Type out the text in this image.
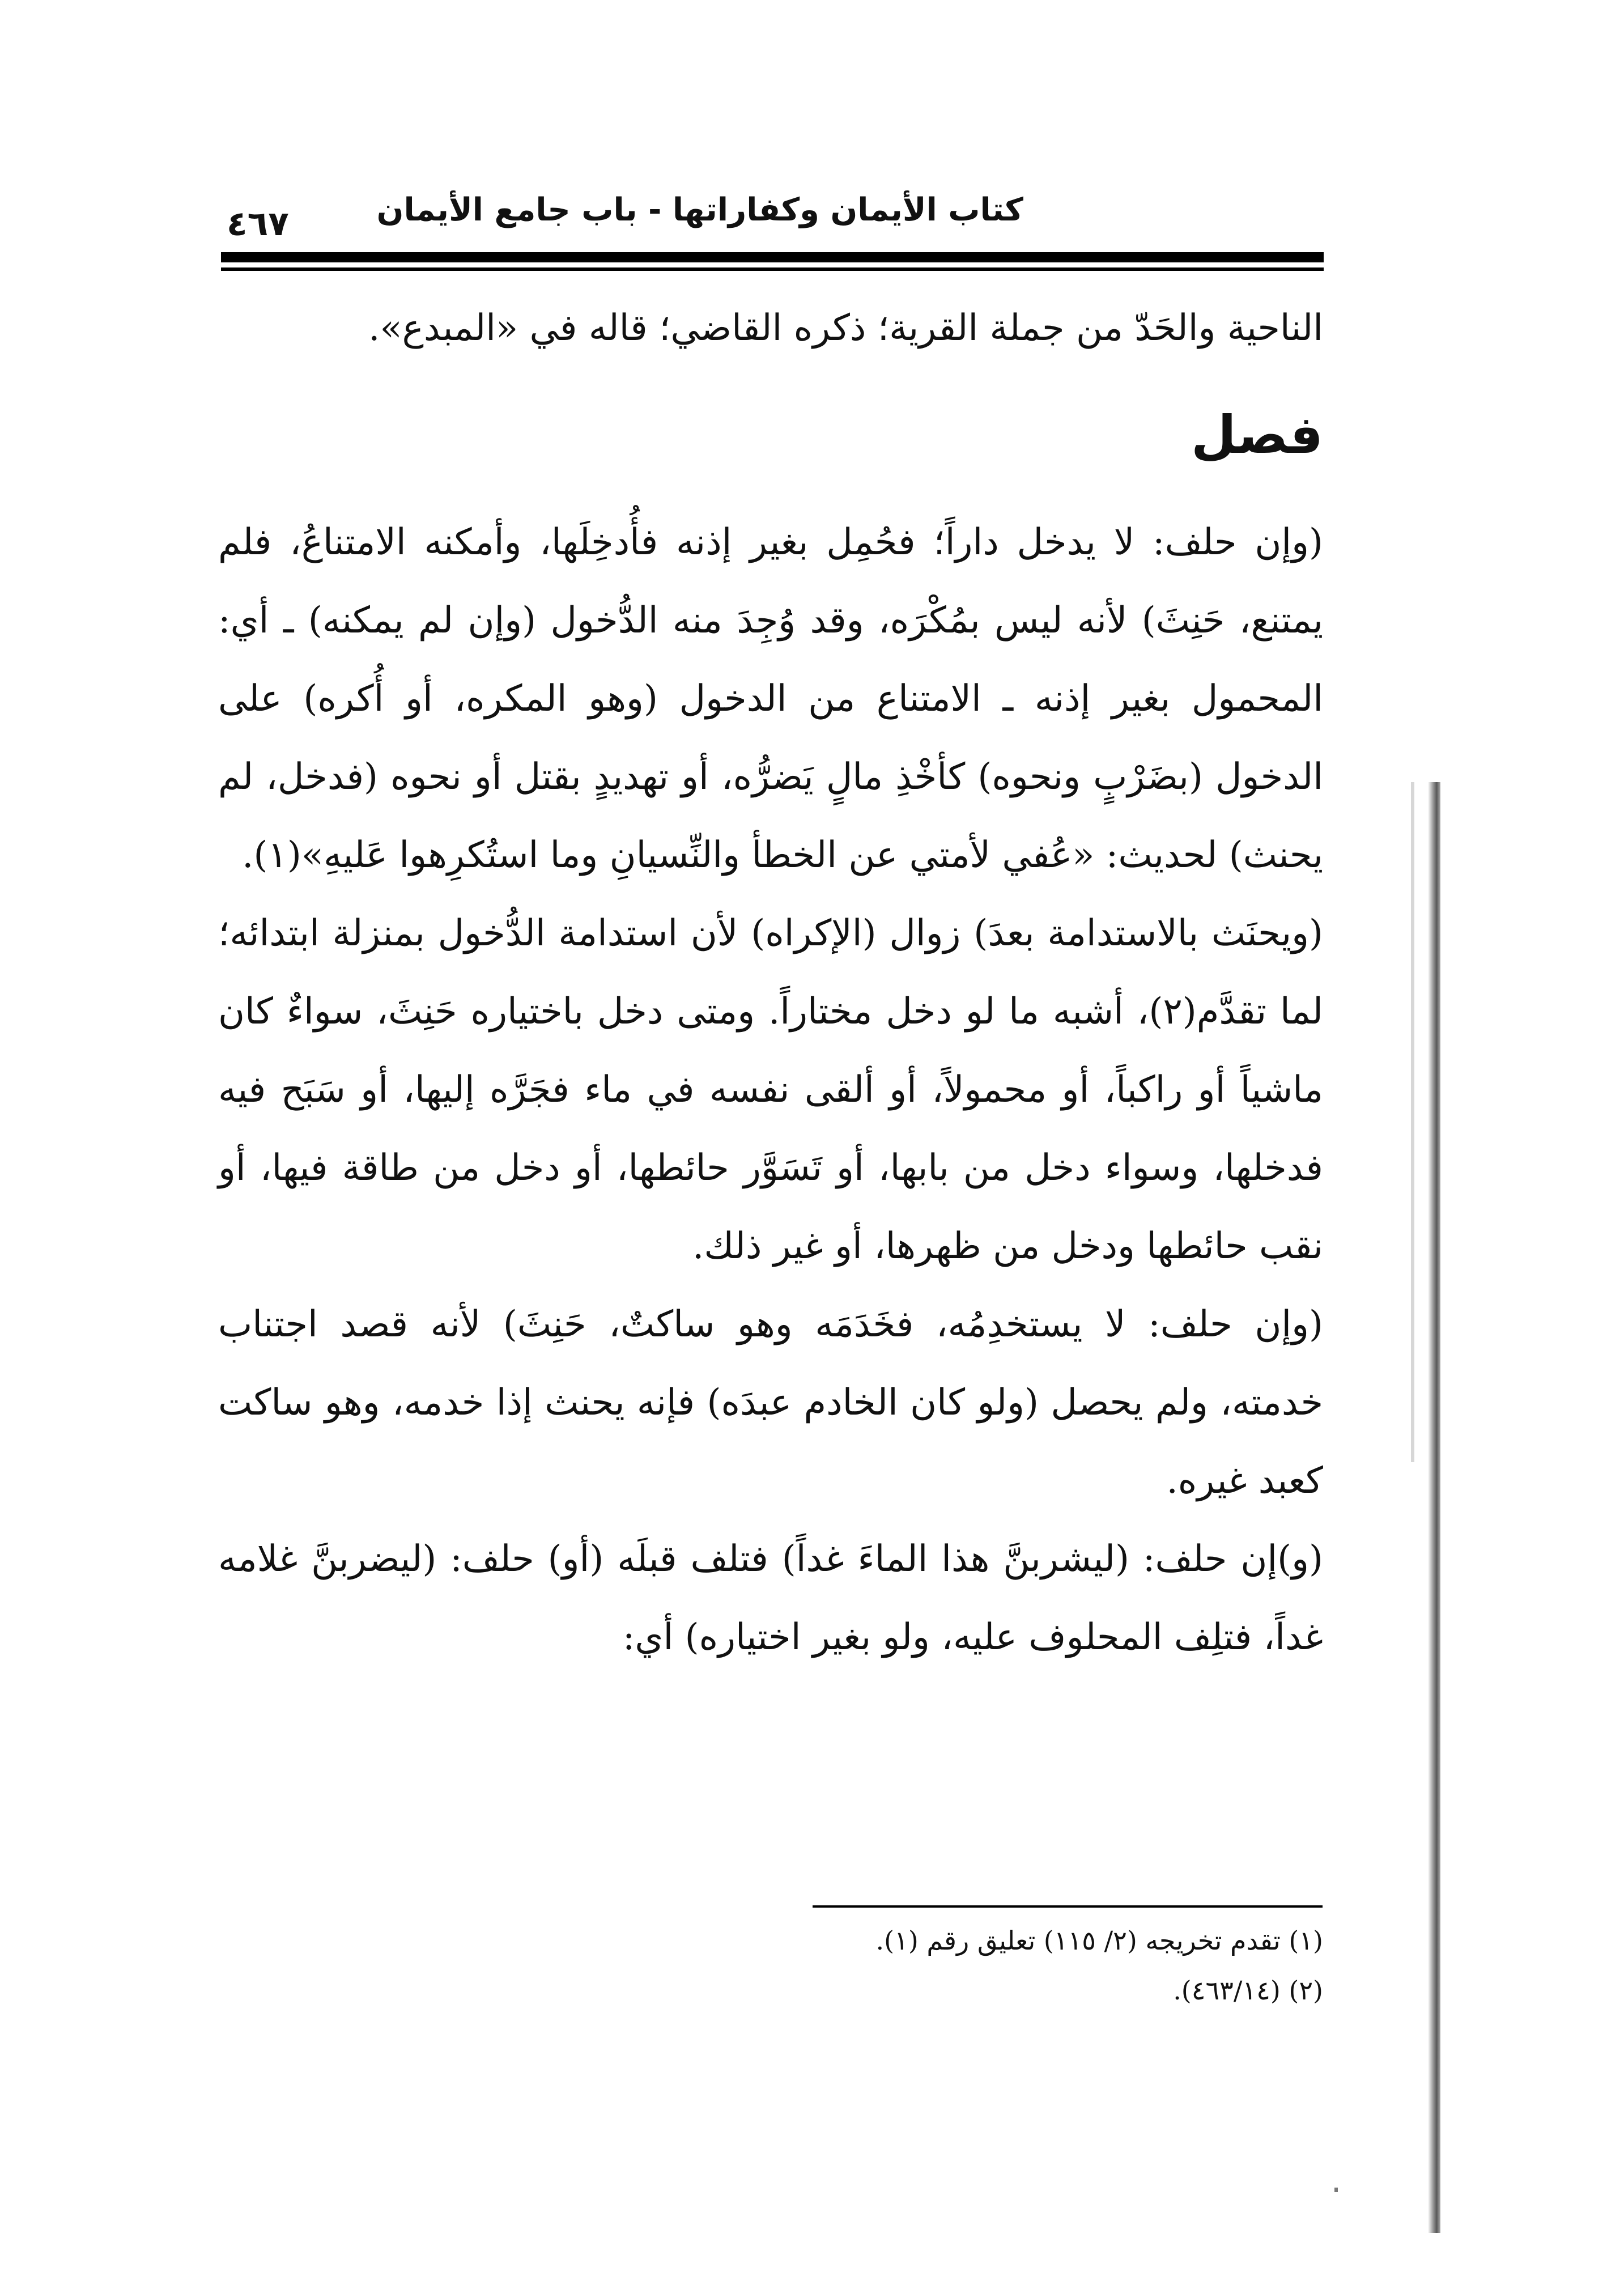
كتاب الأيمان وكفاراتها - باب جامع الأيمان
٤٦٧

الناحية والحَدّ من جملة القرية؛ ذكره القاضي؛ قاله في «المبدع».

فصل

(وإن حلف: لا يدخل داراً؛ فحُمِل بغير إذنه فأُدخِلَها، وأمكنه الامتناعُ، فلم يمتنع، حَنِثَ) لأنه ليس بمُكْرَه، وقد وُجِدَ منه الدُّخول (وإن لم يمكنه) ـ أي: المحمول بغير إذنه ـ الامتناع من الدخول (وهو المكره، أو أُكره) على الدخول (بضَرْبٍ ونحوه) كأخْذِ مالٍ يَضرُّه، أو تهديدٍ بقتل أو نحوه (فدخل، لم يحنث) لحديث: «عُفي لأمتي عن الخطأ والنِّسيانِ وما استُكرِهوا عَليهِ»(١).

(ويحنَث بالاستدامة بعدَ) زوال (الإكراه) لأن استدامة الدُّخول بمنزلة ابتدائه؛ لما تقدَّم(٢)، أشبه ما لو دخل مختاراً. ومتى دخل باختياره حَنِثَ، سواءٌ كان ماشياً أو راكباً، أو محمولاً، أو ألقى نفسه في ماء فجَرَّه إليها، أو سَبَح فيه فدخلها، وسواء دخل من بابها، أو تَسَوَّر حائطها، أو دخل من طاقة فيها، أو نقب حائطها ودخل من ظهرها، أو غير ذلك.

(وإن حلف: لا يستخدِمُه، فخَدَمَه وهو ساكتٌ، حَنِثَ) لأنه قصد اجتناب خدمته، ولم يحصل (ولو كان الخادم عبدَه) فإنه يحنث إذا خدمه، وهو ساكت كعبد غيره.

(و)إن حلف: (ليشربنَّ هذا الماءَ غداً) فتلف قبلَه (أو) حلف: (ليضربنَّ غلامه غداً، فتلِف المحلوف عليه، ولو بغير اختياره) أي:

(١) تقدم تخريجه (٢/ ١١٥) تعليق رقم (١).

(٢) (٤٦٣/١٤).
